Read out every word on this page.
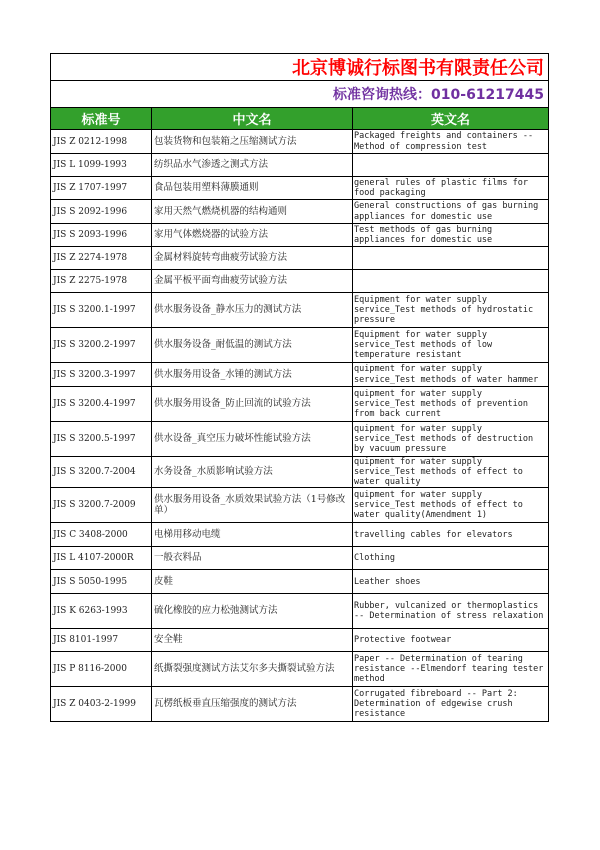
北京博诚行标图书有限责任公司		
标准咨询热线：010-61217445		
标准号	中文名	英文名
JIS Z 0212-1998	包装货物和包装箱之压缩测试方法	Packaged freights and containers -- Method of compression test
JIS L 1099-1993	纺织品水气渗透之测式方法	
JIS Z 1707-1997	食品包装用塑料薄膜通则	general rules of plastic films for food packaging
JIS S 2092-1996	家用天然气燃烧机器的结构通则	General constructions of gas burning appliances for domestic use
JIS S 2093-1996	家用气体燃烧器的试验方法	Test methods of gas burning appliances for domestic use
JIS Z 2274-1978	金属材料旋转弯曲疲劳试验方法	
JIS Z 2275-1978	金属平板平面弯曲疲劳试验方法	
JIS S 3200.1-1997	供水服务设备_静水压力的测试方法	Equipment for water supply service_Test methods of hydrostatic pressure
JIS S 3200.2-1997	供水服务设备_耐低温的测试方法	Equipment for water supply service_Test methods of low temperature resistant
JIS S 3200.3-1997	供水服务用设备_水锤的测试方法	quipment for water supply service_Test methods of water hammer
JIS S 3200.4-1997	供水服务用设备_防止回流的试验方法	quipment for water supply service_Test methods of prevention from back current
JIS S 3200.5-1997	供水设备_真空压力破坏性能试验方法	quipment for water supply service_Test methods of destruction by vacuum pressure
JIS S 3200.7-2004	水务设备_水质影响试验方法	quipment for water supply service_Test methods of effect to water quality
JIS S 3200.7-2009	供水服务用设备_水质效果试验方法（1号修改单）	quipment for water supply service_Test methods of effect to water quality(Amendment 1)
JIS C 3408-2000	电梯用移动电缆	travelling cables for elevators
JIS L 4107-2000R	一般衣料品	Clothing
JIS S 5050-1995	皮鞋	Leather shoes
JIS K 6263-1993	硫化橡胶的应力松弛测试方法	Rubber, vulcanized or thermoplastics -- Determination of stress relaxation
JIS 8101-1997	安全鞋	Protective footwear
JIS P 8116-2000	纸撕裂强度测试方法艾尔多夫撕裂试验方法	Paper -- Determination of tearing resistance --Elmendorf tearing tester method
JIS Z 0403-2-1999	瓦楞纸板垂直压缩强度的测试方法	Corrugated fibreboard -- Part 2: Determination of edgewise crush resistance
